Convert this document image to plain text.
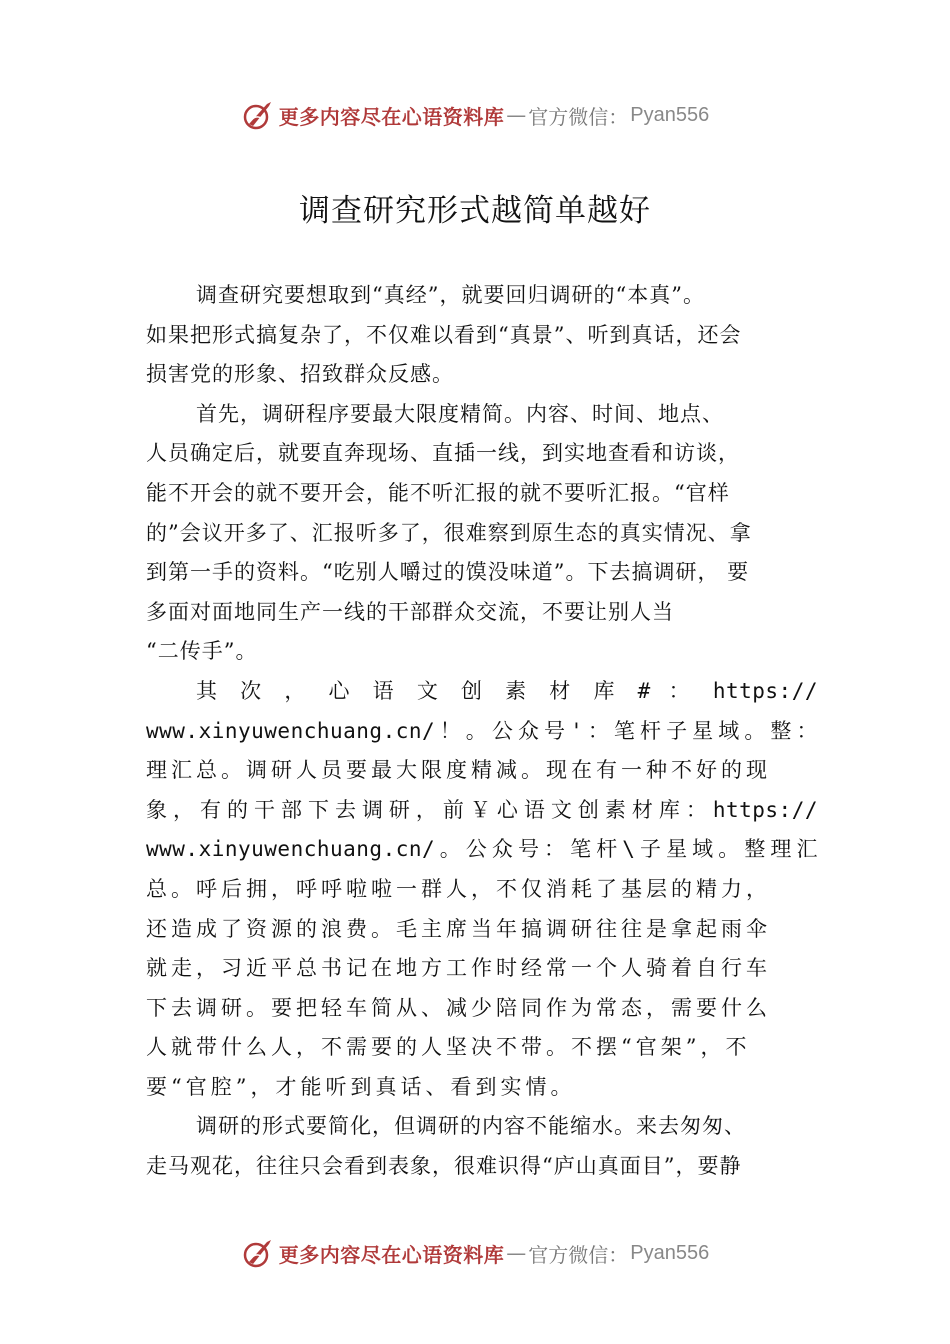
更多内容尽在心语资料库 — 官方微信： Pyan556
调查研究形式越简单越好
调查研究要想取到“真经”，就要回归调研的“本真”。
如果把形式搞复杂了，不仅难以看到“真景”、听到真话，还会
损害党的形象、招致群众反感。
首先，调研程序要最大限度精简。内容、时间、地点、
人员确定后，就要直奔现场、直插一线，到实地查看和访谈，
能不开会的就不要开会，能不听汇报的就不要听汇报。“官样
的”会议开多了、汇报听多了，很难察到原生态的真实情况、拿
到第一手的资料。“吃别人嚼过的馍没味道”。下去搞调研， 要
多面对面地同生产一线的干部群众交流，不要让别人当
“二传手”。
其 次 ， 心 语 文 创 素 材 库 # ： https://
www.xinyuwenchuang.cn/！。公众号'：笔杆子星域。整：
理汇总。调研人员要最大限度精减。现在有一种不好的现
象，有的干部下去调研，前￥心语文创素材库：https://
www.xinyuwenchuang.cn/。公众号：笔杆\子星域。整理汇
总。呼后拥，呼呼啦啦一群人，不仅消耗了基层的精力，
还造成了资源的浪费。毛主席当年搞调研往往是拿起雨伞
就走，习近平总书记在地方工作时经常一个人骑着自行车
下去调研。要把轻车简从、减少陪同作为常态，需要什么
人就带什么人，不需要的人坚决不带。不摆“官架”，不
要“官腔”，才能听到真话、看到实情。
调研的形式要简化，但调研的内容不能缩水。来去匆匆、
走马观花，往往只会看到表象，很难识得“庐山真面目”，要静
更多内容尽在心语资料库 — 官方微信： Pyan556
